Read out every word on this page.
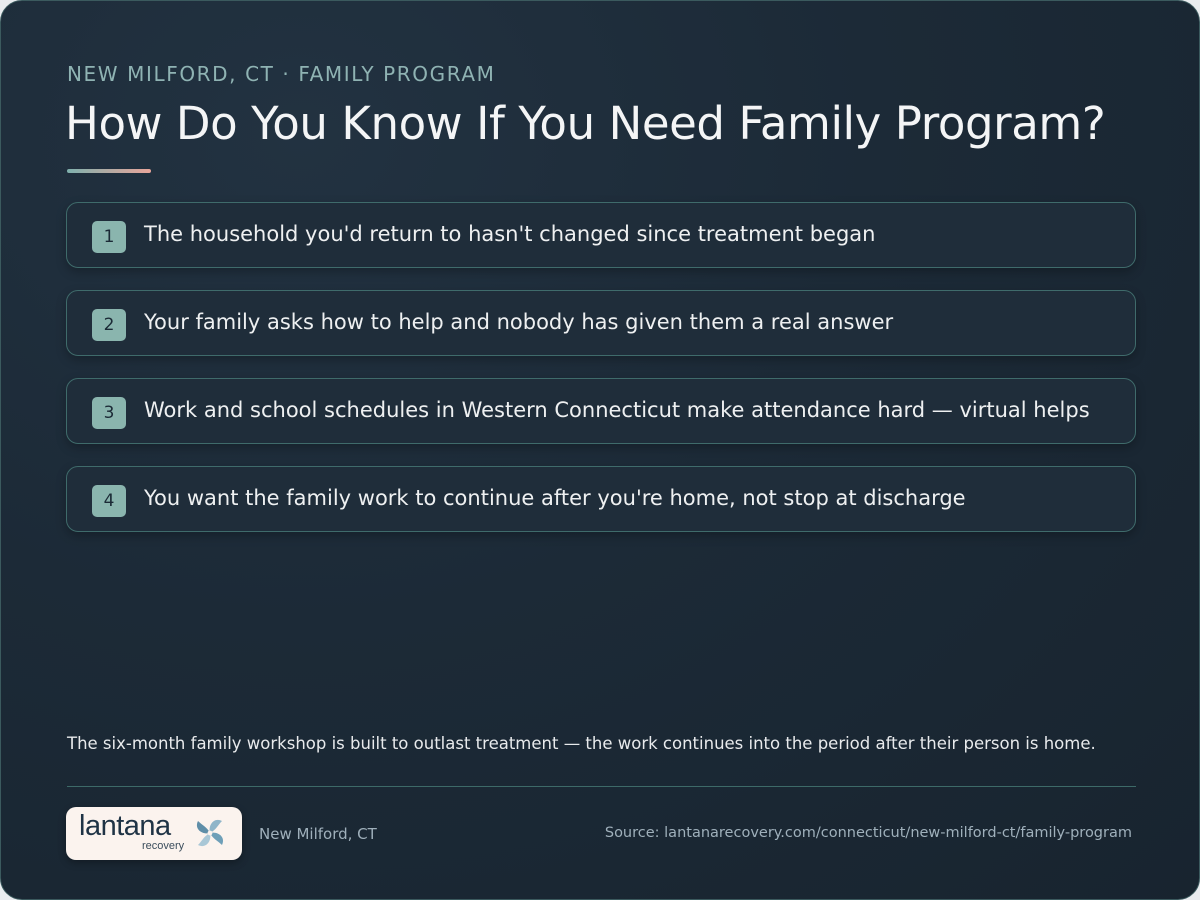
NEW MILFORD, CT · FAMILY PROGRAM
How Do You Know If You Need Family Program?
1	The household you'd return to hasn't changed since treatment began
2	Your family asks how to help and nobody has given them a real answer
3	Work and school schedules in Western Connecticut make attendance hard — virtual helps
4	You want the family work to continue after you're home, not stop at discharge
The six-month family workshop is built to outlast treatment — the work continues into the period after their person is home.
lantana
recovery
New Milford, CT	Source: lantanarecovery.com/connecticut/new-milford-ct/family-program
